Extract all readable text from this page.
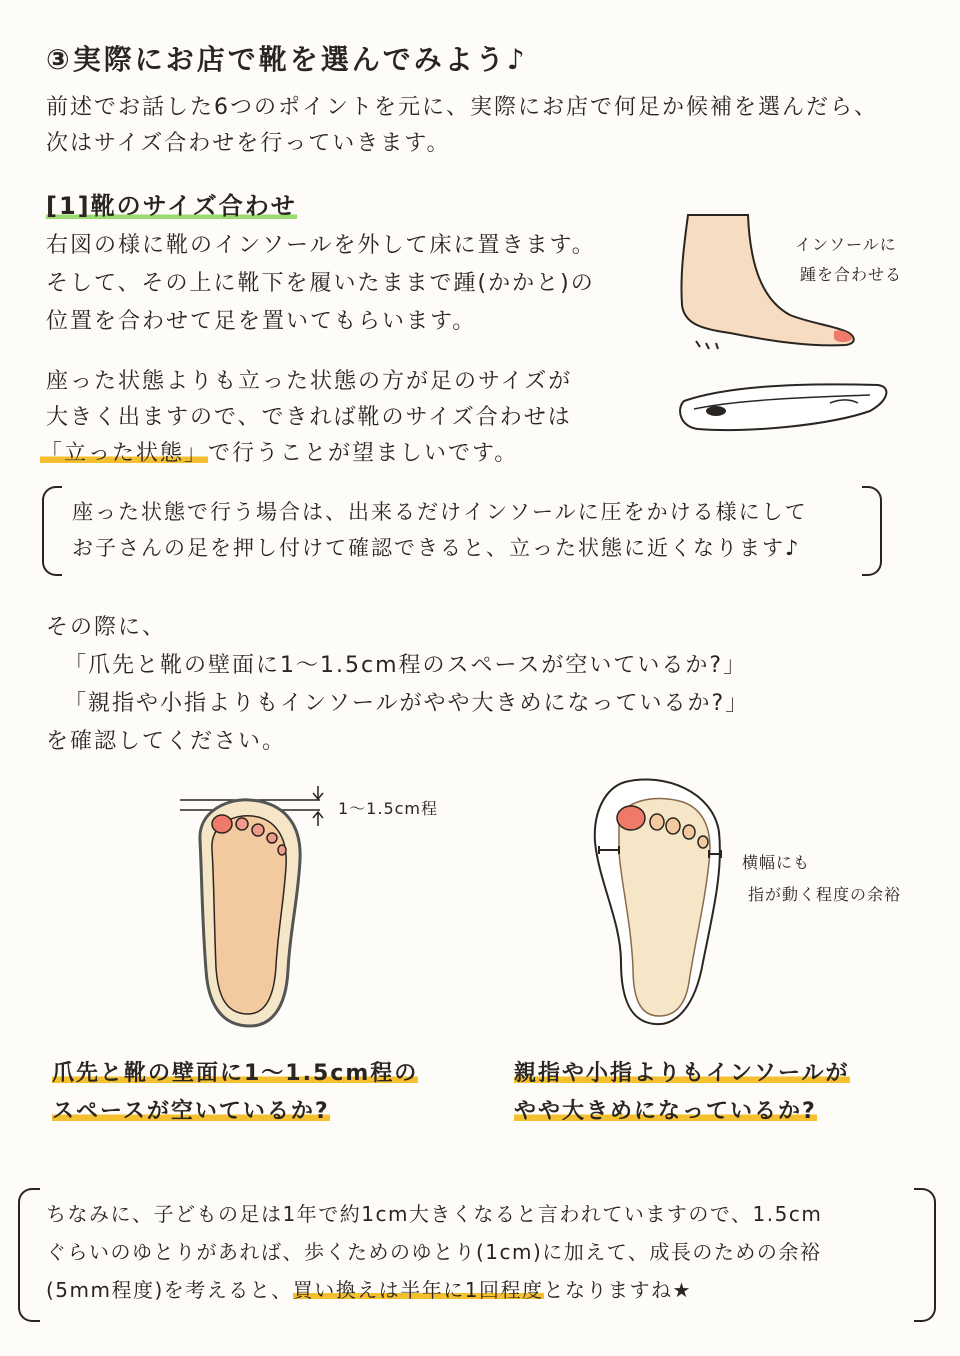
③実際にお店で靴を選んでみよう♪
前述でお話した6つのポイントを元に、実際にお店で何足か候補を選んだら、
次はサイズ合わせを行っていきます。
[1]靴のサイズ合わせ
右図の様に靴のインソールを外して床に置きます。
そして、その上に靴下を履いたままで踵(かかと)の
位置を合わせて足を置いてもらいます。
座った状態よりも立った状態の方が足のサイズが
大きく出ますので、できれば靴のサイズ合わせは
「立った状態」で行うことが望ましいです。
インソールに
踵を合わせる
座った状態で行う場合は、出来るだけインソールに圧をかける様にして
お子さんの足を押し付けて確認できると、立った状態に近くなります♪
その際に、
「爪先と靴の壁面に1～1.5cm程のスペースが空いているか?」
「親指や小指よりもインソールがやや大きめになっているか?」
を確認してください。
1～1.5cm程
横幅にも
指が動く程度の余裕
爪先と靴の壁面に1～1.5cm程の
スペースが空いているか?
親指や小指よりもインソールが
やや大きめになっているか?
ちなみに、子どもの足は1年で約1cm大きくなると言われていますので、1.5cm
ぐらいのゆとりがあれば、歩くためのゆとり(1cm)に加えて、成長のための余裕
(5mm程度)を考えると、買い換えは半年に1回程度となりますね★
